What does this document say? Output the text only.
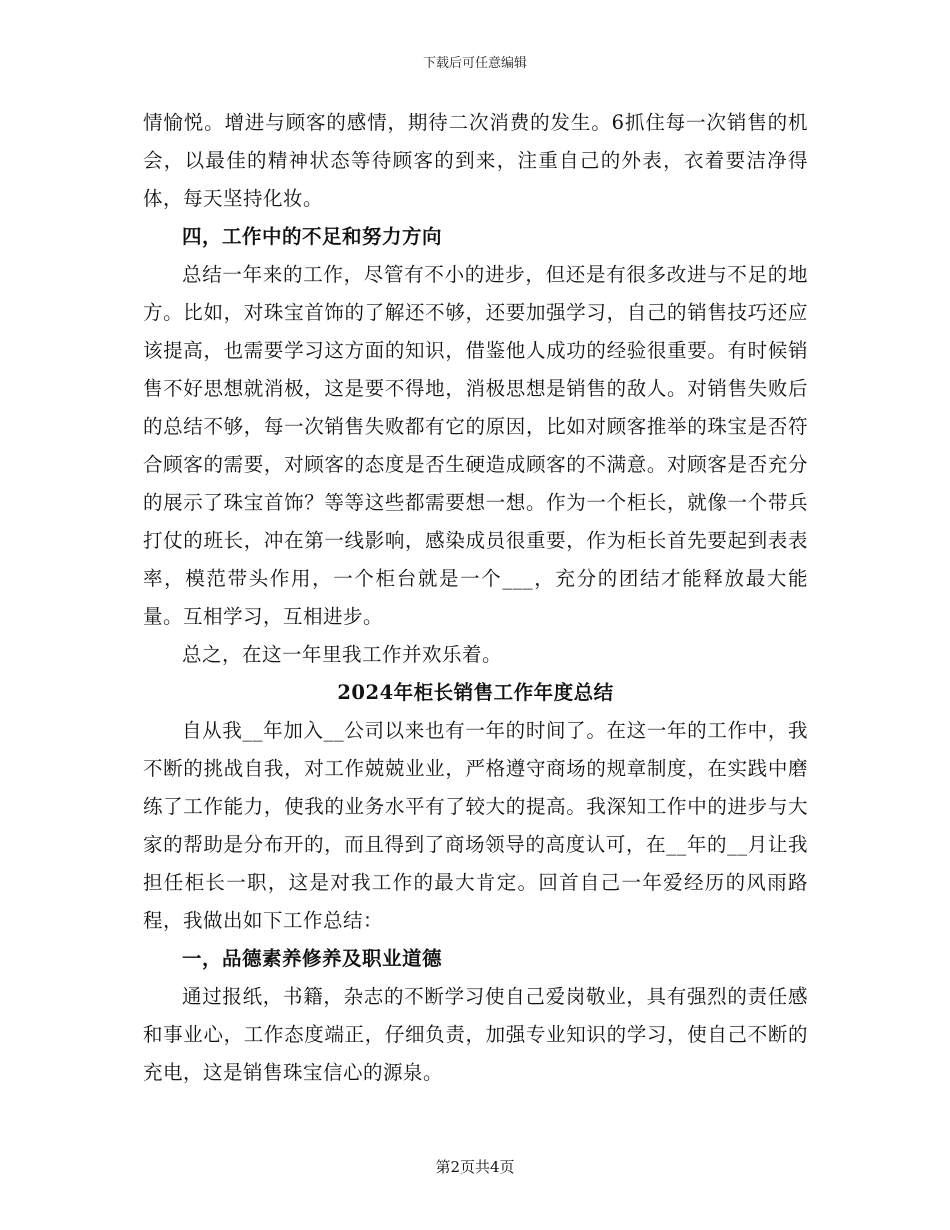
下载后可任意编辑

情愉悦。增进与顾客的感情，期待二次消费的发生。6抓住每一次销售的机会，以最佳的精神状态等待顾客的到来，注重自己的外表，衣着要洁净得体，每天坚持化妆。

四，工作中的不足和努力方向

总结一年来的工作，尽管有不小的进步，但还是有很多改进与不足的地方。比如，对珠宝首饰的了解还不够，还要加强学习，自己的销售技巧还应该提高，也需要学习这方面的知识，借鉴他人成功的经验很重要。有时候销售不好思想就消极，这是要不得地，消极思想是销售的敌人。对销售失败后的总结不够，每一次销售失败都有它的原因，比如对顾客推举的珠宝是否符合顾客的需要，对顾客的态度是否生硬造成顾客的不满意。对顾客是否充分的展示了珠宝首饰？等等这些都需要想一想。作为一个柜长，就像一个带兵打仗的班长，冲在第一线影响，感染成员很重要，作为柜长首先要起到表表率，模范带头作用，一个柜台就是一个___，充分的团结才能释放最大能量。互相学习，互相进步。

总之，在这一年里我工作并欢乐着。

2024年柜长销售工作年度总结

自从我__年加入__公司以来也有一年的时间了。在这一年的工作中，我不断的挑战自我，对工作兢兢业业，严格遵守商场的规章制度，在实践中磨练了工作能力，使我的业务水平有了较大的提高。我深知工作中的进步与大家的帮助是分布开的，而且得到了商场领导的高度认可，在__年的__月让我担任柜长一职，这是对我工作的最大肯定。回首自己一年爱经历的风雨路程，我做出如下工作总结：

一，品德素养修养及职业道德

通过报纸，书籍，杂志的不断学习使自己爱岗敬业，具有强烈的责任感和事业心，工作态度端正，仔细负责，加强专业知识的学习，使自己不断的充电，这是销售珠宝信心的源泉。

第2页共4页
